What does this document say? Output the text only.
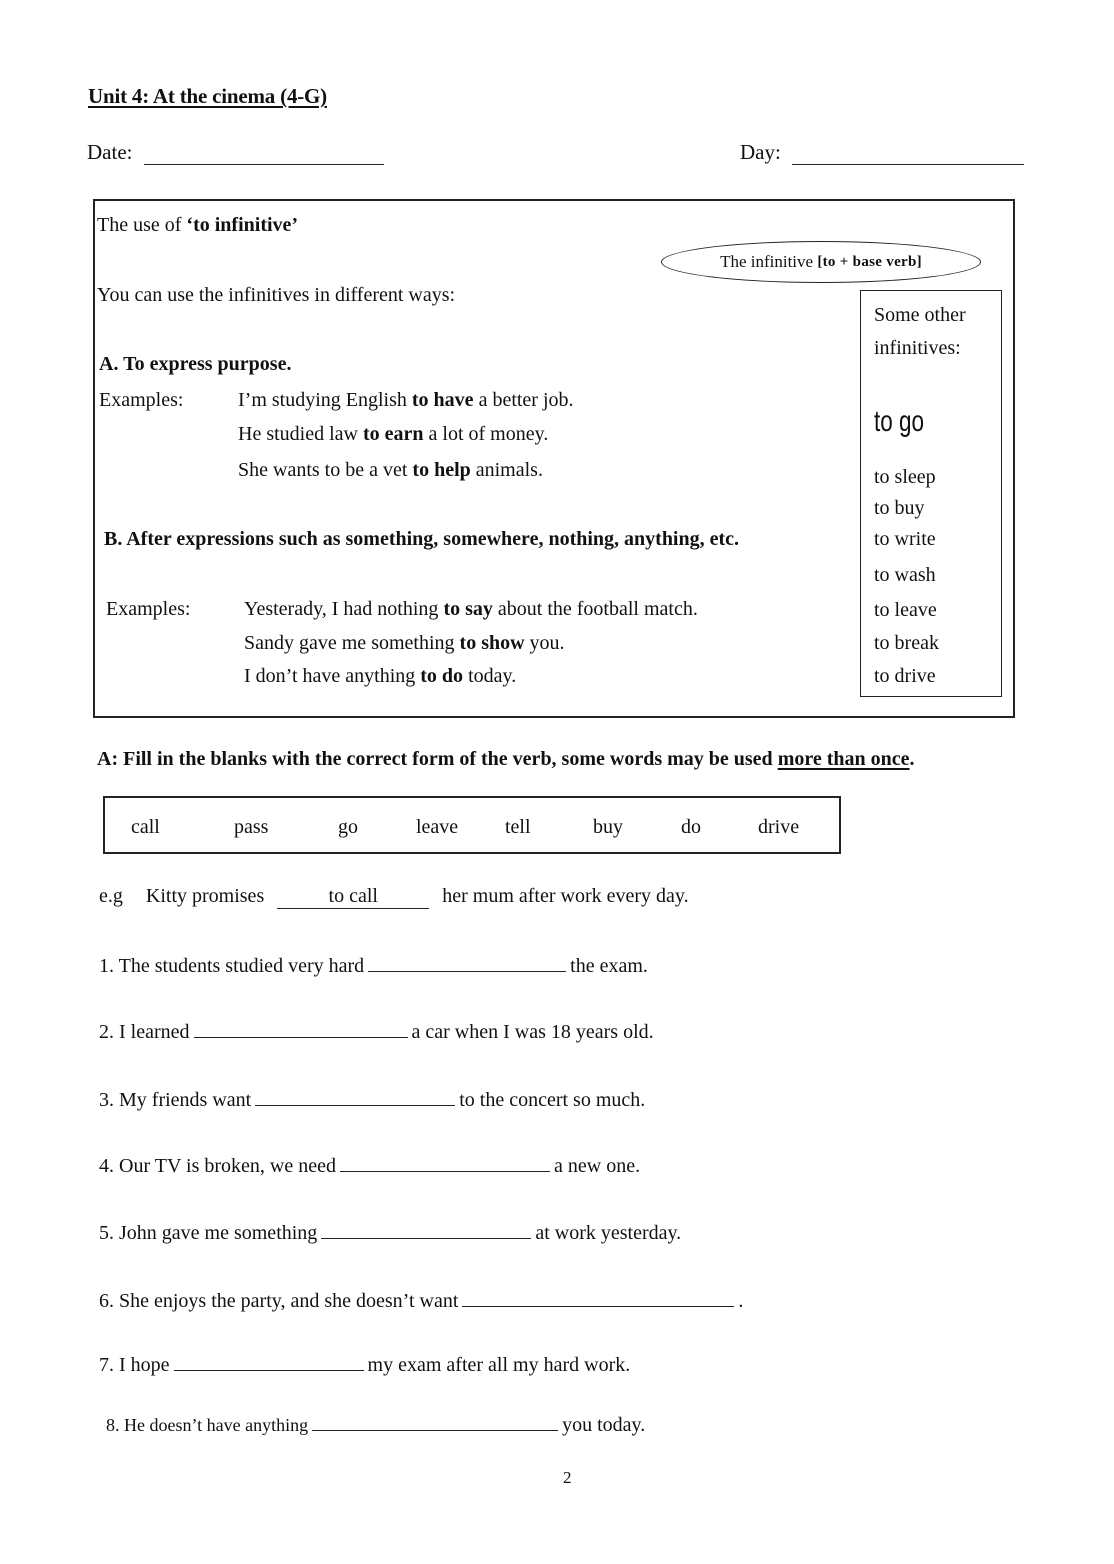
Unit 4: At the cinema (4-G)
Date:	Day:
The use of ‘to infinitive’
The infinitive
[to + base verb]
You can use the infinitives in different ways:
A. To express purpose.
Examples:	I’m studying English to have a better job.
He studied law to earn a lot of money.
She wants to be a vet to help animals.
B. After expressions such as something, somewhere, nothing, anything, etc.
Examples:	Yesterady, I had nothing to say about the football match.
Sandy gave me something to show you.
I don’t have anything to do today.
Some other
infinitives:
to go
to sleep
to buy
to write
to wash
to leave
to break
to drive
A: Fill in the blanks with the correct form of the verb, some words may be used more than once.
call	pass	go	leave tell	buy	do	drive
e.g Kitty promises	to call	her mum after work every day.
1. The students studied very hard	the exam.
2. I learned	a car when I was 18 years old.
3. My friends want	to the concert so much.
4. Our TV is broken, we need	a new one.
5. John gave me something	at work yesterday.
6. She enjoys the party, and she doesn’t want	.
7. I hope	my exam after all my hard work.
8. He doesn’t have anything	you today.
2
